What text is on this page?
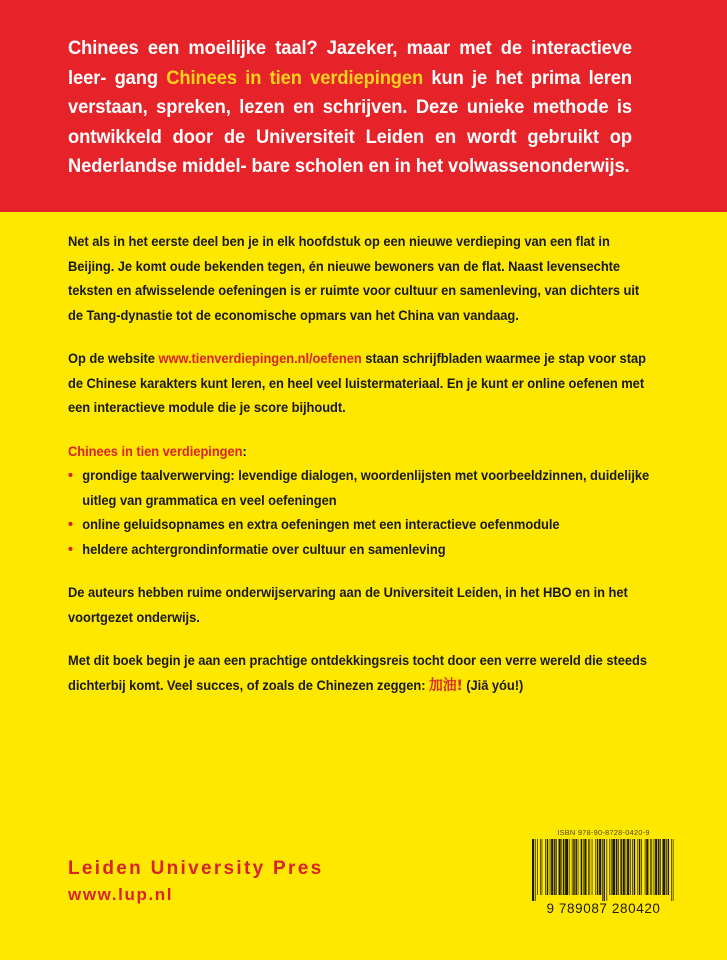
Chinees een moeilijke taal? Jazeker, maar met de interactieve leer- gang Chinees in tien verdiepingen kun je het prima leren verstaan, spreken, lezen en schrijven. Deze unieke methode is ontwikkeld door de Universiteit Leiden en wordt gebruikt op Nederlandse middel- bare scholen en in het volwassenonderwijs.

Net als in het eerste deel ben je in elk hoofdstuk op een nieuwe verdieping van een flat in Beijing. Je komt oude bekenden tegen, én nieuwe bewoners van de flat. Naast levensechte teksten en afwisselende oefeningen is er ruimte voor cultuur en samenleving, van dichters uit de Tang-dynastie tot de economische opmars van het China van vandaag.

Op de website www.tienverdiepingen.nl/oefenen staan schrijfbladen waarmee je stap voor stap de Chinese karakters kunt leren, en heel veel luistermateriaal. En je kunt er online oefenen met een interactieve module die je score bijhoudt.

Chinees in tien verdiepingen:
• grondige taalverwerving: levendige dialogen, woordenlijsten met voorbeeldzinnen, duidelijke uitleg van grammatica en veel oefeningen
• online geluidsopnames en extra oefeningen met een interactieve oefenmodule
• heldere achtergrondinformatie over cultuur en samenleving

De auteurs hebben ruime onderwijservaring aan de Universiteit Leiden, in het HBO en in het voortgezet onderwijs.

Met dit boek begin je aan een prachtige ontdekkingsreis tocht door een verre wereld die steeds dichterbij komt. Veel succes, of zoals de Chinezen zeggen: 加油! (Jiā yóu!)

Leiden University Pres
www.lup.nl
ISBN 978-90-8728-0420-9
9 789087 280420
